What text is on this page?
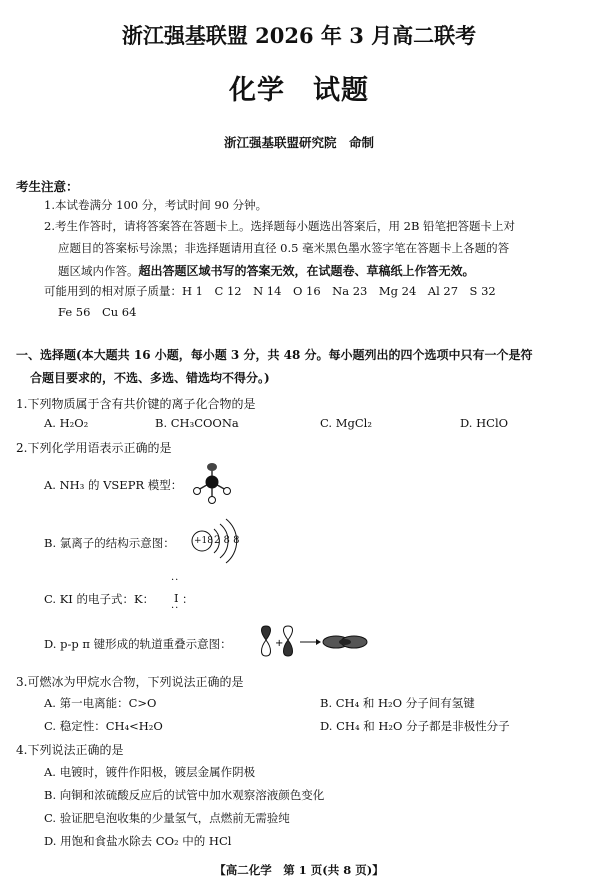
浙江强基联盟 2026 年 3 月高二联考
化学　试题
浙江强基联盟研究院　命制
考生注意：
1.本试卷满分 100 分，考试时间 90 分钟。
2.考生作答时，请将答案答在答题卡上。选择题每小题选出答案后，用 2B 铅笔把答题卡上对
应题目的答案标号涂黑；非选择题请用直径 0.5 毫米黑色墨水签字笔在答题卡上各题的答
题区域内作答。超出答题区域书写的答案无效，在试题卷、草稿纸上作答无效。
可能用到的相对原子质量：H 1　C 12　N 14　O 16　Na 23　Mg 24　Al 27　S 32
Fe 56　Cu 64
一、选择题(本大题共 16 小题，每小题 3 分，共 48 分。每小题列出的四个选项中只有一个是符
合题目要求的，不选、多选、错选均不得分。)
1.下列物质属于含有共价键的离子化合物的是
A. H₂O₂	B. CH₃COONa	C. MgCl₂	D. HClO
2.下列化学用语表示正确的是
A. NH₃ 的 VSEPR 模型：
B. 氯离子的结构示意图： +18 2 8 8
C. KI 的电子式：K：
··
I ：
··
D. p-p π 键形成的轨道重叠示意图：	+
3.可燃冰为甲烷水合物，下列说法正确的是
A. 第一电离能：C>O	B. CH₄ 和 H₂O 分子间有氢键
C. 稳定性：CH₄<H₂O	D. CH₄ 和 H₂O 分子都是非极性分子
4.下列说法正确的是
A. 电镀时，镀件作阳极，镀层金属作阴极
B. 向铜和浓硫酸反应后的试管中加水观察溶液颜色变化
C. 验证肥皂泡收集的少量氢气，点燃前无需验纯
D. 用饱和食盐水除去 CO₂ 中的 HCl
【高二化学　第 1 页(共 8 页)】
